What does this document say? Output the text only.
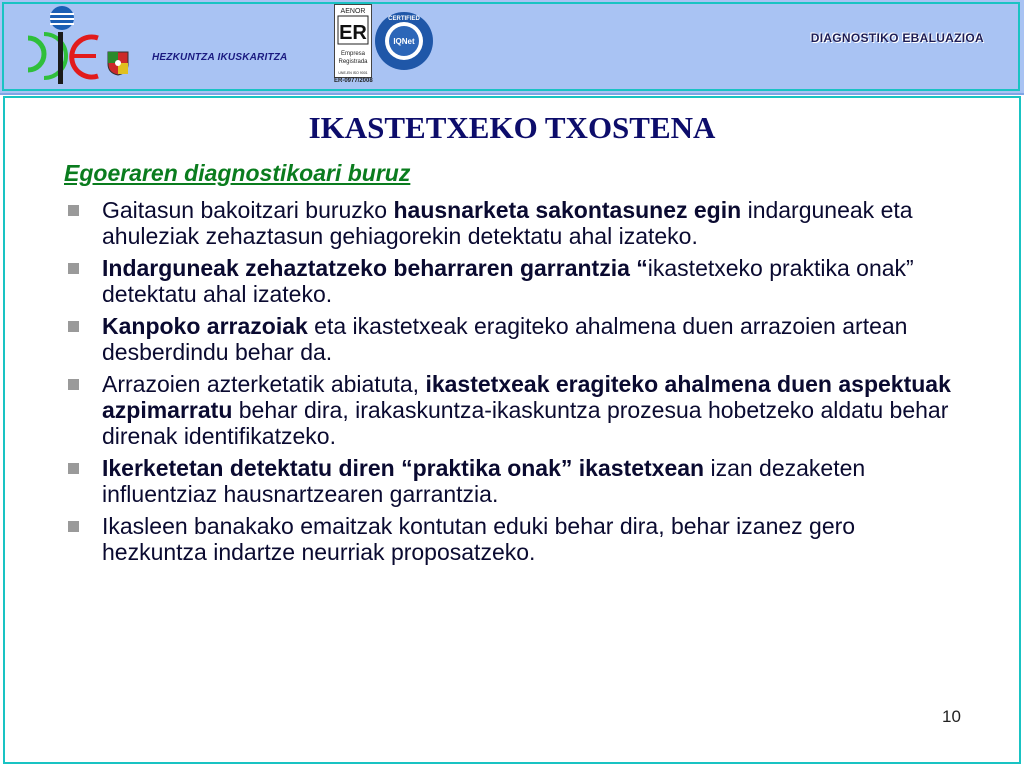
HEZKUNTZA IKUSKARITZA
AENOR
ER
Empresa
Registrada
UNE-EN ISO 9001
CERTIFIED
IQNet
ER-0977/2008
DIAGNOSTIKO EBALUAZIOA
IKASTETXEKO TXOSTENA
Egoeraren diagnostikoari buruz
Gaitasun bakoitzari buruzko hausnarketa sakontasunez egin indarguneak eta ahuleziak zehaztasun gehiagorekin detektatu ahal izateko.
Indarguneak zehaztatzeko beharraren garrantzia “ikastetxeko praktika onak” detektatu ahal izateko.
Kanpoko arrazoiak eta ikastetxeak eragiteko ahalmena duen arrazoien artean desberdindu behar da.
Arrazoien azterketatik abiatuta, ikastetxeak eragiteko ahalmena duen aspektuak azpimarratu behar dira, irakaskuntza-ikaskuntza prozesua hobetzeko aldatu behar direnak identifikatzeko.
Ikerketetan detektatu diren “praktika onak” ikastetxean izan dezaketen influentziaz hausnartzearen garrantzia.
Ikasleen banakako emaitzak kontutan eduki behar dira, behar izanez gero hezkuntza indartze neurriak proposatzeko.
10
